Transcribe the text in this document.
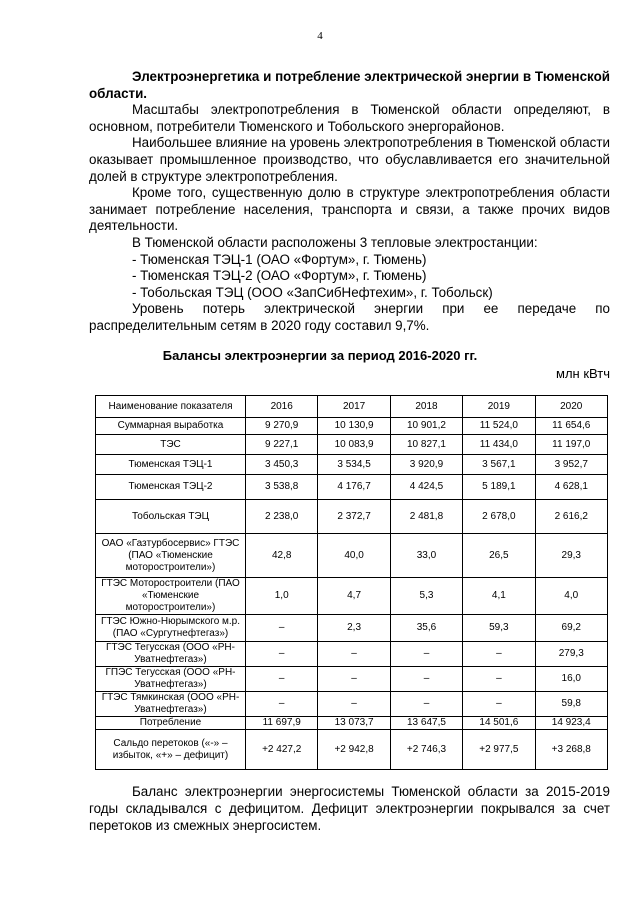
4

Электроэнергетика и потребление электрической энергии в Тюменской области.

Масштабы электропотребления в Тюменской области определяют, в основном, потребители Тюменского и Тобольского энергорайонов.

Наибольшее влияние на уровень электропотребления в Тюменской области оказывает промышленное производство, что обуславливается его значительной долей в структуре электропотребления.

Кроме того, существенную долю в структуре электропотребления области занимает потребление населения, транспорта и связи, а также прочих видов деятельности.

В Тюменской области расположены 3 тепловые электростанции:

- Тюменская ТЭЦ-1 (ОАО «Фортум», г. Тюмень)

- Тюменская ТЭЦ-2 (ОАО «Фортум», г. Тюмень)

- Тобольская ТЭЦ (ООО «ЗапСибНефтехим», г. Тобольск)

Уровень потерь электрической энергии при ее передаче по распределительным сетям в 2020 году составил 9,7%.

Балансы электроэнергии за период 2016-2020 гг.
млн кВтч
Наименование показателя	2016	2017	2018	2019	2020
Суммарная выработка	9 270,9	10 130,9	10 901,2	11 524,0	11 654,6
ТЭС	9 227,1	10 083,9	10 827,1	11 434,0	11 197,0
Тюменская ТЭЦ-1	3 450,3	3 534,5	3 920,9	3 567,1	3 952,7
Тюменская ТЭЦ-2	3 538,8	4 176,7	4 424,5	5 189,1	4 628,1
Тобольская ТЭЦ	2 238,0	2 372,7	2 481,8	2 678,0	2 616,2
ОАО «Газтурбосервис» ГТЭС (ПАО «Тюменские моторостроители»)	42,8	40,0	33,0	26,5	29,3
ГТЭС Моторостроители (ПАО «Тюменские моторостроители»)	1,0	4,7	5,3	4,1	4,0
ГТЭС Южно-Нюрымского м.р. (ПАО «Сургутнефтегаз»)	–	2,3	35,6	59,3	69,2
ГТЭС Тегусская (ООО «РН-Уватнефтегаз»)	–	–	–	–	279,3
ГПЭС Тегусская (ООО «РН-Уватнефтегаз»)	–	–	–	–	16,0
ГТЭС Тямкинская (ООО «РН-Уватнефтегаз»)	–	–	–	–	59,8
Потребление	11 697,9	13 073,7	13 647,5	14 501,6	14 923,4
Сальдо перетоков («-» – избыток, «+» – дефицит)	+2 427,2	+2 942,8	+2 746,3	+2 977,5	+3 268,8

Баланс электроэнергии энергосистемы Тюменской области за 2015-2019 годы складывался с дефицитом. Дефицит электроэнергии покрывался за счет перетоков из смежных энергосистем.
